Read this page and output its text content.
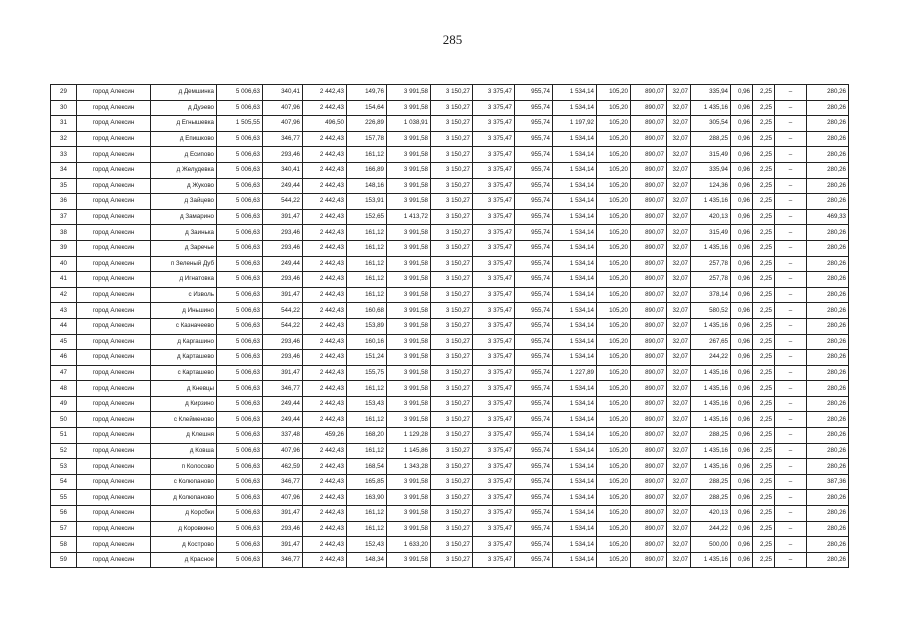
285
29	город Алексин	д Демшинка	5 006,63	340,41	2 442,43	149,76	3 991,58	3 150,27	3 375,47	955,74	1 534,14	105,20	890,07	32,07	335,94	0,96	2,25	–	280,26
30	город Алексин	д Дуэево	5 006,63	407,96	2 442,43	154,64	3 991,58	3 150,27	3 375,47	955,74	1 534,14	105,20	890,07	32,07	1 435,16	0,96	2,25	–	280,26
31	город Алексин	д Егнышевка	1 505,55	407,96	496,50	226,89	1 038,91	3 150,27	3 375,47	955,74	1 197,92	105,20	890,07	32,07	305,54	0,96	2,25	–	280,26
32	город Алексин	д Епишково	5 006,63	346,77	2 442,43	157,78	3 991,58	3 150,27	3 375,47	955,74	1 534,14	105,20	890,07	32,07	288,25	0,96	2,25	–	280,26
33	город Алексин	д Есипово	5 006,63	293,46	2 442,43	161,12	3 991,58	3 150,27	3 375,47	955,74	1 534,14	105,20	890,07	32,07	315,49	0,96	2,25	–	280,26
34	город Алексин	д Желудевка	5 006,63	340,41	2 442,43	166,89	3 991,58	3 150,27	3 375,47	955,74	1 534,14	105,20	890,07	32,07	335,94	0,96	2,25	–	280,26
35	город Алексин	д Жуково	5 006,63	249,44	2 442,43	148,16	3 991,58	3 150,27	3 375,47	955,74	1 534,14	105,20	890,07	32,07	124,36	0,96	2,25	–	280,26
36	город Алексин	д Зайцево	5 006,63	544,22	2 442,43	153,91	3 991,58	3 150,27	3 375,47	955,74	1 534,14	105,20	890,07	32,07	1 435,16	0,96	2,25	–	280,26
37	город Алексин	д Замарино	5 006,63	391,47	2 442,43	152,65	1 413,72	3 150,27	3 375,47	955,74	1 534,14	105,20	890,07	32,07	420,13	0,96	2,25	–	469,33
38	город Алексин	д Заинька	5 006,63	293,46	2 442,43	161,12	3 991,58	3 150,27	3 375,47	955,74	1 534,14	105,20	890,07	32,07	315,49	0,96	2,25	–	280,26
39	город Алексин	д Заречье	5 006,63	293,46	2 442,43	161,12	3 991,58	3 150,27	3 375,47	955,74	1 534,14	105,20	890,07	32,07	1 435,16	0,96	2,25	–	280,26
40	город Алексин	п Зеленый Дуб	5 006,63	249,44	2 442,43	161,12	3 991,58	3 150,27	3 375,47	955,74	1 534,14	105,20	890,07	32,07	257,78	0,96	2,25	–	280,26
41	город Алексин	д Игнатовка	5 006,63	293,46	2 442,43	161,12	3 991,58	3 150,27	3 375,47	955,74	1 534,14	105,20	890,07	32,07	257,78	0,96	2,25	–	280,26
42	город Алексин	с Изволь	5 006,63	391,47	2 442,43	161,12	3 991,58	3 150,27	3 375,47	955,74	1 534,14	105,20	890,07	32,07	378,14	0,96	2,25	–	280,26
43	город Алексин	д Иньшино	5 006,63	544,22	2 442,43	160,68	3 991,58	3 150,27	3 375,47	955,74	1 534,14	105,20	890,07	32,07	580,52	0,96	2,25	–	280,26
44	город Алексин	с Казначеево	5 006,63	544,22	2 442,43	153,89	3 991,58	3 150,27	3 375,47	955,74	1 534,14	105,20	890,07	32,07	1 435,16	0,96	2,25	–	280,26
45	город Алексин	д Каргашино	5 006,63	293,46	2 442,43	160,16	3 991,58	3 150,27	3 375,47	955,74	1 534,14	105,20	890,07	32,07	267,65	0,96	2,25	–	280,26
46	город Алексин	д Карташево	5 006,63	293,46	2 442,43	151,24	3 991,58	3 150,27	3 375,47	955,74	1 534,14	105,20	890,07	32,07	244,22	0,96	2,25	–	280,26
47	город Алексин	с Карташево	5 006,63	391,47	2 442,43	155,75	3 991,58	3 150,27	3 375,47	955,74	1 227,89	105,20	890,07	32,07	1 435,16	0,96	2,25	–	280,26
48	город Алексин	д Кневцы	5 006,63	346,77	2 442,43	161,12	3 991,58	3 150,27	3 375,47	955,74	1 534,14	105,20	890,07	32,07	1 435,16	0,96	2,25	–	280,26
49	город Алексин	д Кирзино	5 006,63	249,44	2 442,43	153,43	3 991,58	3 150,27	3 375,47	955,74	1 534,14	105,20	890,07	32,07	1 435,16	0,96	2,25	–	280,26
50	город Алексин	с Клейменово	5 006,63	249,44	2 442,43	161,12	3 991,58	3 150,27	3 375,47	955,74	1 534,14	105,20	890,07	32,07	1 435,16	0,96	2,25	–	280,26
51	город Алексин	д Клешня	5 006,63	337,48	459,26	168,20	1 129,28	3 150,27	3 375,47	955,74	1 534,14	105,20	890,07	32,07	288,25	0,96	2,25	–	280,26
52	город Алексин	д Ковша	5 006,63	407,96	2 442,43	161,12	1 145,86	3 150,27	3 375,47	955,74	1 534,14	105,20	890,07	32,07	1 435,16	0,96	2,25	–	280,26
53	город Алексин	п Колосово	5 006,63	462,59	2 442,43	168,54	1 343,28	3 150,27	3 375,47	955,74	1 534,14	105,20	890,07	32,07	1 435,16	0,96	2,25	–	280,26
54	город Алексин	с Колюпаново	5 006,63	346,77	2 442,43	165,85	3 991,58	3 150,27	3 375,47	955,74	1 534,14	105,20	890,07	32,07	288,25	0,96	2,25	–	387,36
55	город Алексин	д Колюпаново	5 006,63	407,96	2 442,43	163,90	3 991,58	3 150,27	3 375,47	955,74	1 534,14	105,20	890,07	32,07	288,25	0,96	2,25	–	280,26
56	город Алексин	д Корсбки	5 006,63	391,47	2 442,43	161,12	3 991,58	3 150,27	3 375,47	955,74	1 534,14	105,20	890,07	32,07	420,13	0,96	2,25	–	280,26
57	город Алексин	д Коровкино	5 006,63	293,46	2 442,43	161,12	3 991,58	3 150,27	3 375,47	955,74	1 534,14	105,20	890,07	32,07	244,22	0,96	2,25	–	280,26
58	город Алексин	д Кострово	5 006,63	391,47	2 442,43	152,43	1 633,20	3 150,27	3 375,47	955,74	1 534,14	105,20	890,07	32,07	500,00	0,96	2,25	–	280,26
59	город Алексин	д Красное	5 006,63	346,77	2 442,43	148,34	3 991,58	3 150,27	3 375,47	955,74	1 534,14	105,20	890,07	32,07	1 435,16	0,96	2,25	–	280,26
